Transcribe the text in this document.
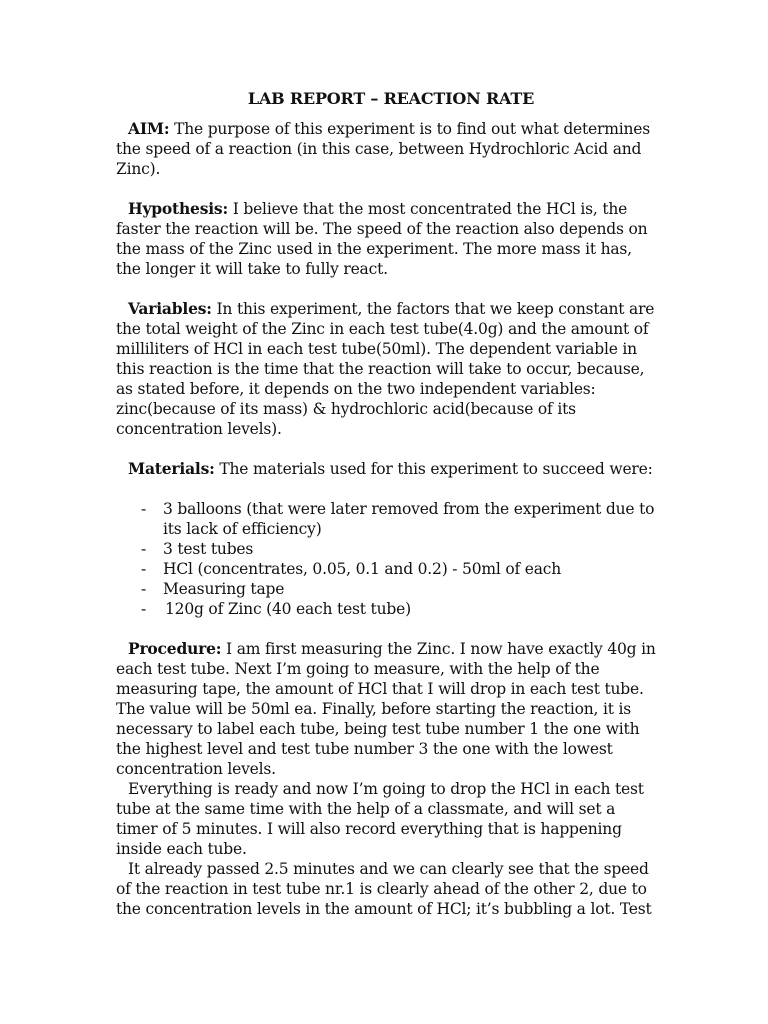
LAB REPORT – REACTION RATE

AIM: The purpose of this experiment is to find out what determines the speed of a reaction (in this case, between Hydrochloric Acid and Zinc).

Hypothesis: I believe that the most concentrated the HCl is, the faster the reaction will be. The speed of the reaction also depends on the mass of the Zinc used in the experiment. The more mass it has, the longer it will take to fully react.

Variables: In this experiment, the factors that we keep constant are the total weight of the Zinc in each test tube(4.0g) and the amount of milliliters of HCl in each test tube(50ml). The dependent variable in this reaction is the time that the reaction will take to occur, because, as stated before, it depends on the two independent variables: zinc(because of its mass) & hydrochloric acid(because of its concentration levels).

Materials: The materials used for this experiment to succeed were:

- 3 balloons (that were later removed from the experiment due to its lack of efficiency)
- 3 test tubes
- HCl (concentrates, 0.05, 0.1 and 0.2) - 50ml of each
- Measuring tape
- 120g of Zinc (40 each test tube)

Procedure: I am first measuring the Zinc. I now have exactly 40g in each test tube. Next I’m going to measure, with the help of the measuring tape, the amount of HCl that I will drop in each test tube. The value will be 50ml ea. Finally, before starting the reaction, it is necessary to label each tube, being test tube number 1 the one with the highest level and test tube number 3 the one with the lowest concentration levels.

Everything is ready and now I’m going to drop the HCl in each test tube at the same time with the help of a classmate, and will set a timer of 5 minutes. I will also record everything that is happening inside each tube.

It already passed 2.5 minutes and we can clearly see that the speed of the reaction in test tube nr.1 is clearly ahead of the other 2, due to the concentration levels in the amount of HCl; it’s bubbling a lot. Test
